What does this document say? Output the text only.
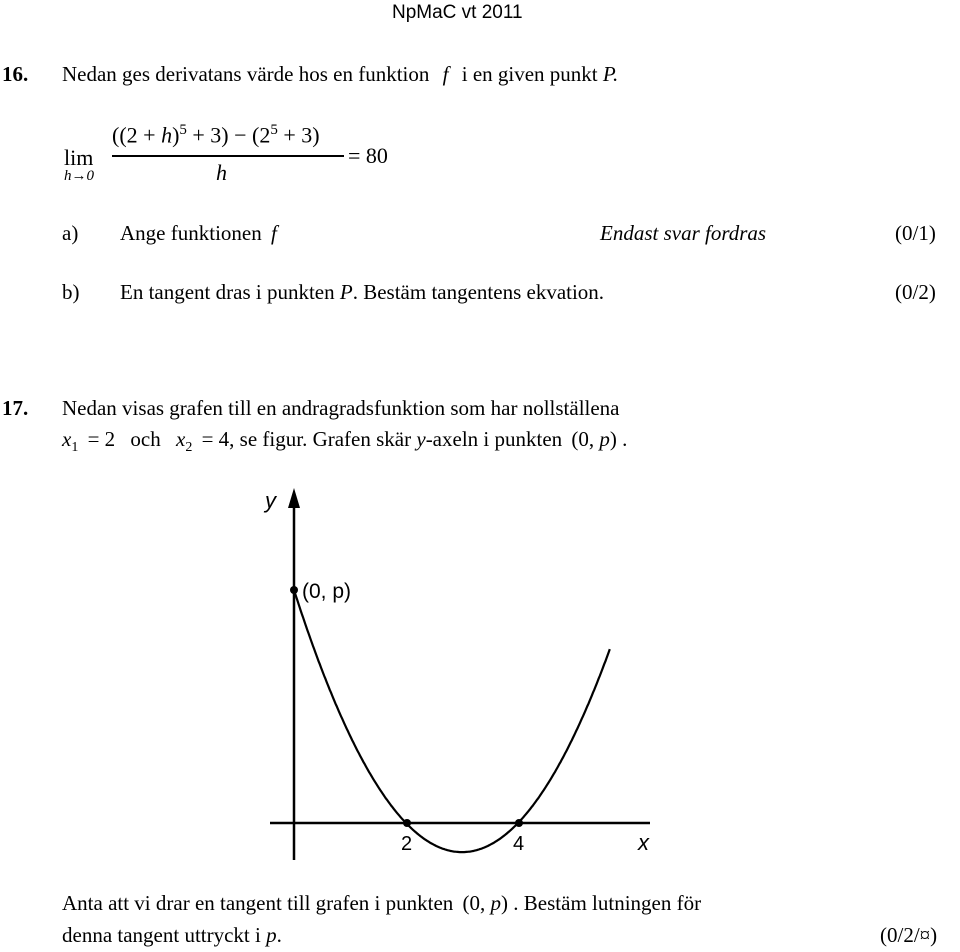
NpMaC vt 2011
16. Nedan ges derivatans värde hos en funktion f i en given punkt P.
lim
h→0
$((2 + h)^5 + 3) - (2^5 + 3)$
h
= 80
a) Ange funktionen f	Endast svar fordras	(0/1)
b) En tangent dras i punkten P. Bestäm tangentens ekvation.	(0/2)
17. Nedan visas grafen till en andragradsfunktion som har nollställena
$x_1 = 2$ och $x_2 = 4$, se figur. Grafen skär y-axeln i punkten (0, p) .
y
x
2	4
(0, p)
Anta att vi drar en tangent till grafen i punkten (0, p) . Bestäm lutningen för
denna tangent uttryckt i p.	(0/2/¤)
